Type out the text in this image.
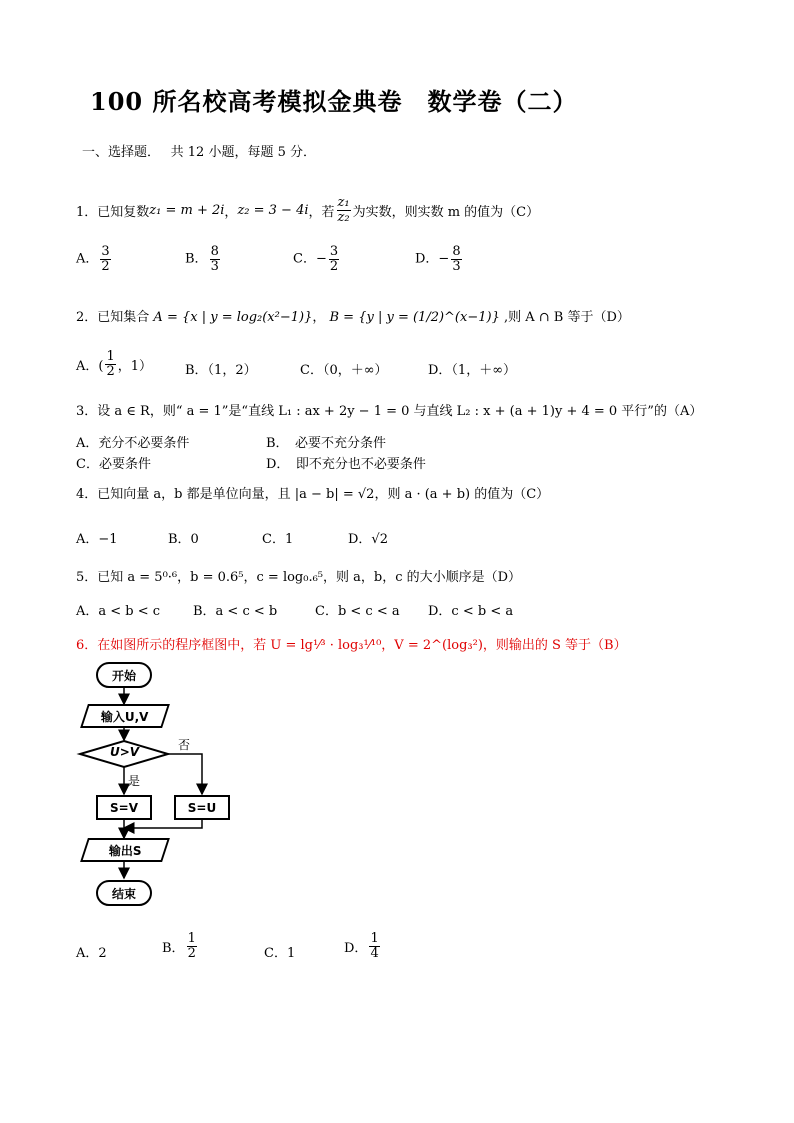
100 所名校高考模拟金典卷　数学卷（二）
一、选择题．　 共 12 小题，每题 5 分．
1．已知复数 z₁ = m + 2i ， z₂ = 3 − 4i ，若 $\frac{\text{z₁}}{\text{z₂}}$ 为实数，则实数 m 的值为（C）
A． $\frac{3}{2}$	B． $\frac{8}{3}$	C．− $\frac{3}{2}$	D．− $\frac{8}{3}$
2．已知集合 A = {x | y = log₂(x²−1)}， B = {y | y = (1/2)^(x−1)} ,则 A ∩ B 等于（D）
A．( $\frac{1}{2}$ ，1）	B．（1，2）	C．（0，＋∞）	D．（1，＋∞）
3．设 a ∈ R，则“ a = 1”是“直线 L₁ : ax + 2y − 1 = 0 与直线 L₂ : x + (a + 1)y + 4 = 0 平行”的（A）
A．充分不必要条件	B．　必要不充分条件
C．必要条件	D．　即不充分也不必要条件
4．已知向量 a，b 都是单位向量，且 |a − b| = √2，则 a · (a + b) 的值为（C）
A．−1	B．0	C．1	D．√2
5．已知 a = 5⁰·⁶，b = 0.6⁵，c = log₀.₆⁵，则 a，b，c 的大小顺序是（D）
A．a < b < c	B．a < c < b	C．b < c < a D．c < b < a
6．在如图所示的程序框图中，若 U = lg¹⁄³ · log₃¹⁄¹⁰，V = 2^(log₃²)，则输出的 S 等于（B）
开始
输入U,V
U>V	否
是
S=V	S=U
输出S
结束
A．2	B． $\frac{1}{2}$	C．1	D． $\frac{1}{4}$
